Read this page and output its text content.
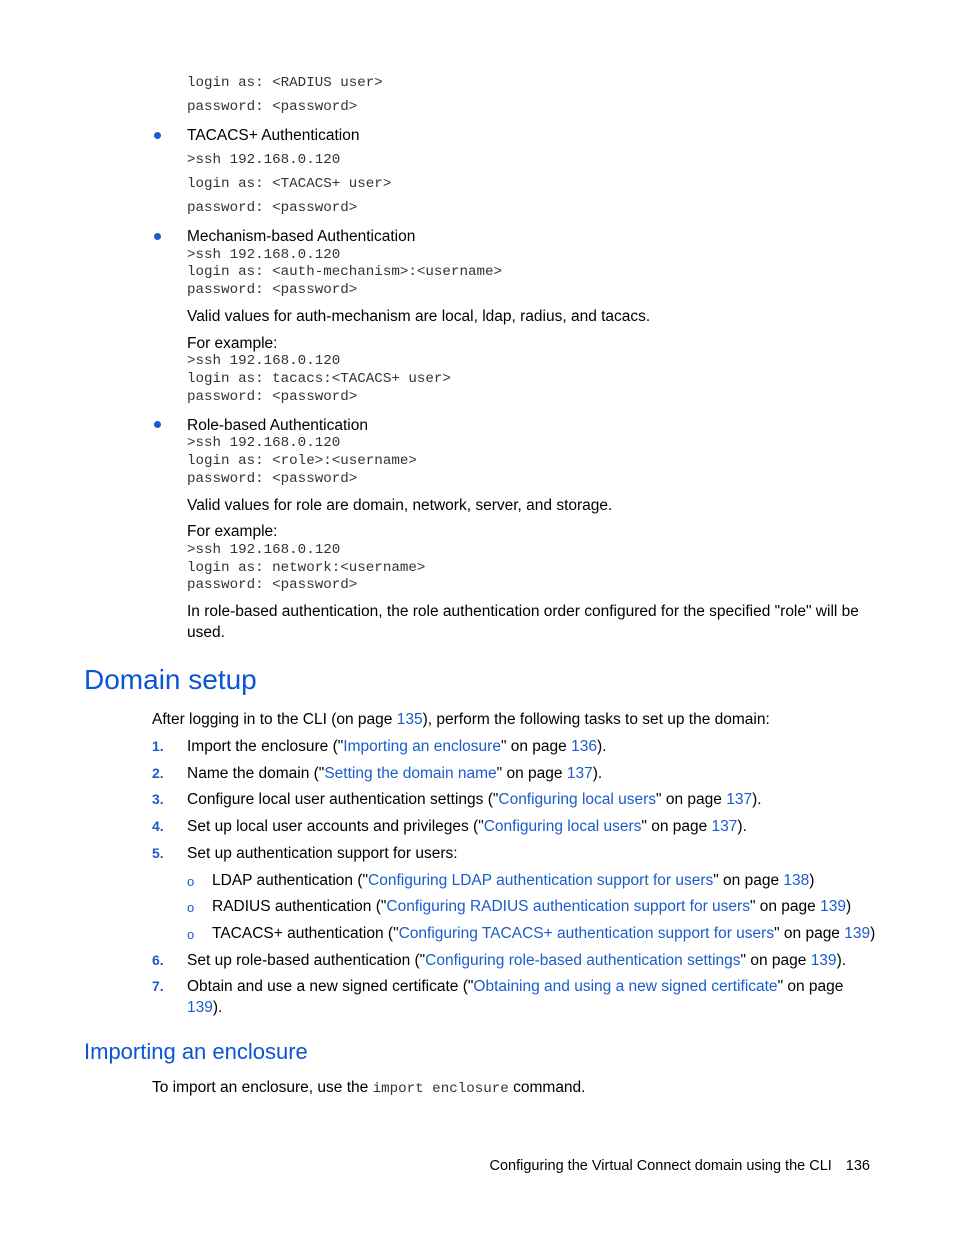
login as: <RADIUS user>
password: <password>
TACACS+ Authentication
>ssh 192.168.0.120
login as: <TACACS+ user>
password: <password>
Mechanism-based Authentication
>ssh 192.168.0.120
login as: <auth-mechanism>:<username>
password: <password>
Valid values for auth-mechanism are local, ldap, radius, and tacacs.
For example:
>ssh 192.168.0.120
login as: tacacs:<TACACS+ user>
password: <password>
Role-based Authentication
>ssh 192.168.0.120
login as: <role>:<username>
password: <password>
Valid values for role are domain, network, server, and storage.
For example:
>ssh 192.168.0.120
login as: network:<username>
password: <password>
In role-based authentication, the role authentication order configured for the specified "role" will be used.
Domain setup
After logging in to the CLI (on page 135), perform the following tasks to set up the domain:
1. Import the enclosure ("Importing an enclosure" on page 136).
2. Name the domain ("Setting the domain name" on page 137).
3. Configure local user authentication settings ("Configuring local users" on page 137).
4. Set up local user accounts and privileges ("Configuring local users" on page 137).
5. Set up authentication support for users:
o LDAP authentication ("Configuring LDAP authentication support for users" on page 138)
o RADIUS authentication ("Configuring RADIUS authentication support for users" on page 139)
o TACACS+ authentication ("Configuring TACACS+ authentication support for users" on page 139)
6. Set up role-based authentication ("Configuring role-based authentication settings" on page 139).
7. Obtain and use a new signed certificate ("Obtaining and using a new signed certificate" on page 139).
Importing an enclosure
To import an enclosure, use the import enclosure command.
Configuring the Virtual Connect domain using the CLI 136
